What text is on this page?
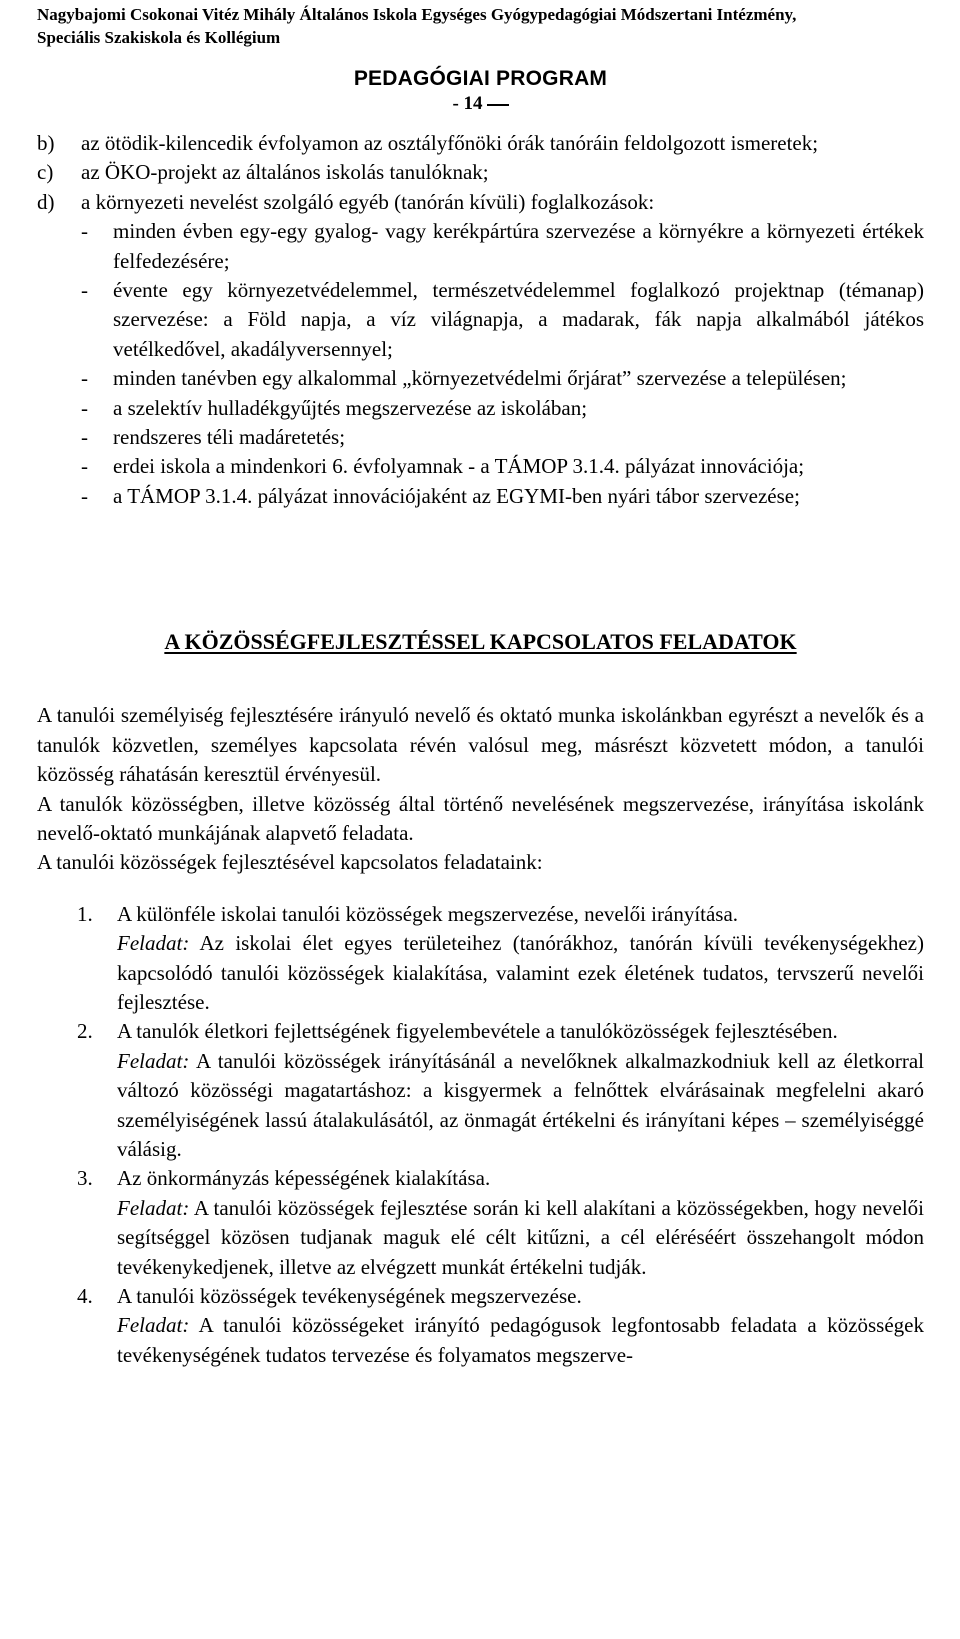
Nagybajomi Csokonai Vitéz Mihály Általános Iskola Egységes Gyógypedagógiai Módszertani Intézmény,
Speciális Szakiskola és Kollégium
PEDAGÓGIAI PROGRAM
- 14
b)	az ötödik-kilencedik évfolyamon az osztályfőnöki órák tanóráin feldolgozott ismeretek;
c)	az ÖKO-projekt az általános iskolás tanulóknak;
d)	a környezeti nevelést szolgáló egyéb (tanórán kívüli) foglalkozások:
-	minden évben egy-egy gyalog- vagy kerékpártúra szervezése a környékre a környezeti értékek felfedezésére;
-	évente egy környezetvédelemmel, természetvédelemmel foglalkozó projektnap (témanap) szervezése: a Föld napja, a víz világnapja, a madarak, fák napja alkalmából játékos vetélkedővel, akadályversennyel;
-	minden tanévben egy alkalommal „környezetvédelmi őrjárat” szervezése a településen;
-	a szelektív hulladékgyűjtés megszervezése az iskolában;
-	rendszeres téli madáretetés;
-	erdei iskola a mindenkori 6. évfolyamnak - a TÁMOP 3.1.4. pályázat innovációja;
-	a TÁMOP 3.1.4. pályázat innovációjaként az EGYMI-ben nyári tábor szervezése;
A KÖZÖSSÉGFEJLESZTÉSSEL KAPCSOLATOS FELADATOK

A tanulói személyiség fejlesztésére irányuló nevelő és oktató munka iskolánkban egyrészt a nevelők és a tanulók közvetlen, személyes kapcsolata révén valósul meg, másrészt közvetett módon, a tanulói közösség ráhatásán keresztül érvényesül.

A tanulók közösségben, illetve közösség által történő nevelésének megszervezése, irányítása iskolánk nevelő-oktató munkájának alapvető feladata.

A tanulói közösségek fejlesztésével kapcsolatos feladataink:

1.	A különféle iskolai tanulói közösségek megszervezése, nevelői irányítása.

Feladat: Az iskolai élet egyes területeihez (tanórákhoz, tanórán kívüli tevékenységekhez) kapcsolódó tanulói közösségek kialakítása, valamint ezek életének tudatos, tervszerű nevelői fejlesztése.

2.	A tanulók életkori fejlettségének figyelembevétele a tanulóközösségek fejlesztésében.

Feladat: A tanulói közösségek irányításánál a nevelőknek alkalmazkodniuk kell az életkorral változó közösségi magatartáshoz: a kisgyermek a felnőttek elvárásainak megfelelni akaró személyiségének lassú átalakulásától, az önmagát értékelni és irányítani képes – személyiséggé válásig.

3.	Az önkormányzás képességének kialakítása.

Feladat: A tanulói közösségek fejlesztése során ki kell alakítani a közösségekben, hogy nevelői segítséggel közösen tudjanak maguk elé célt kitűzni, a cél eléréséért összehangolt módon tevékenykedjenek, illetve az elvégzett munkát értékelni tudják.

4.	A tanulói közösségek tevékenységének megszervezése.

Feladat: A tanulói közösségeket irányító pedagógusok legfontosabb feladata a közösségek tevékenységének tudatos tervezése és folyamatos megszerve-
